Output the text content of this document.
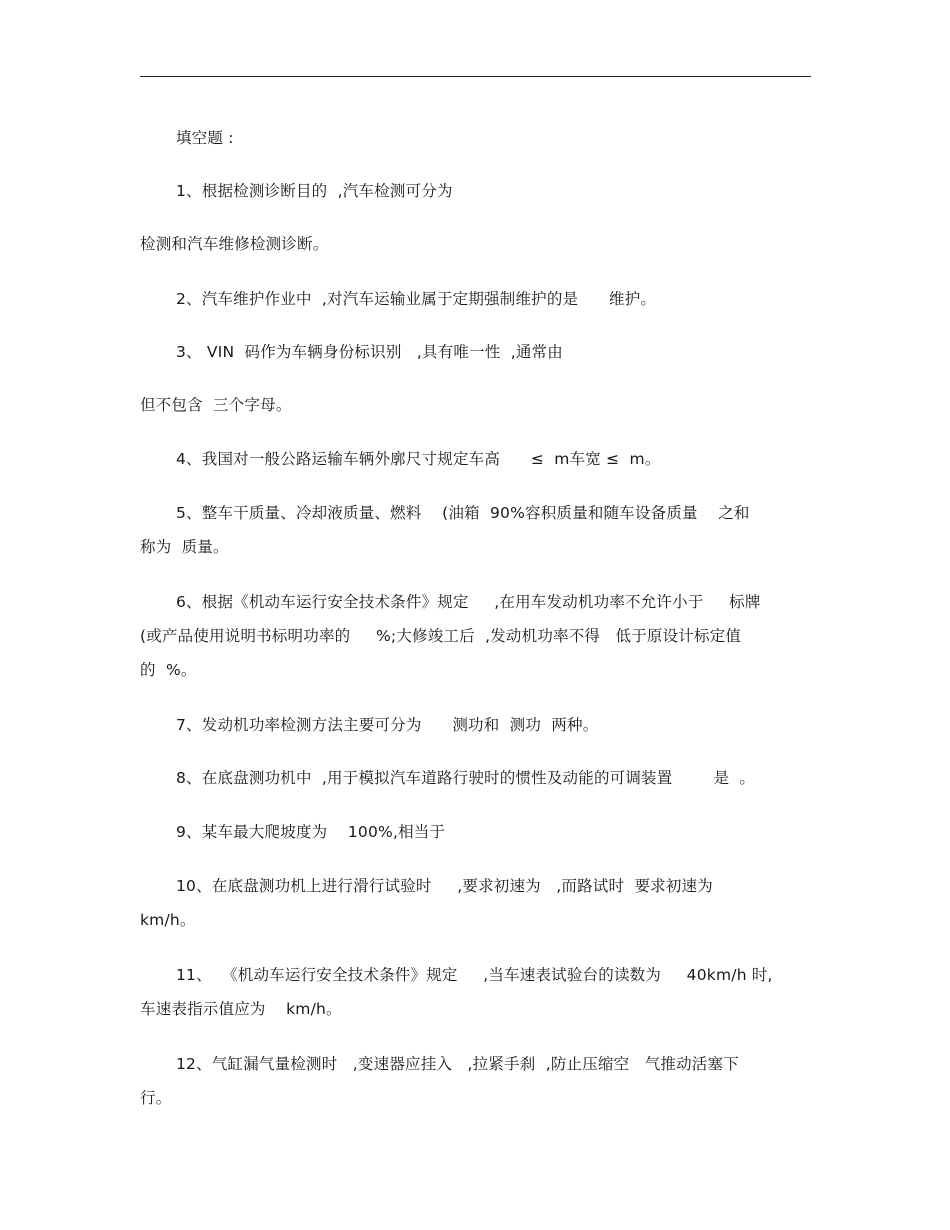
填空题 :
1、根据检测诊断目的  ,汽车检测可分为
检测和汽车维修检测诊断。
2、汽车维护作业中  ,对汽车运输业属于定期强制维护的是      维护。
3、 VIN  码作为车辆身份标识别   ,具有唯一性  ,通常由
但不包含  三个字母。
4、我国对一般公路运输车辆外廓尺寸规定车高      ≤  m车宽 ≤  m。
5、整车干质量、冷却液质量、燃料    (油箱  90%容积质量和随车设备质量    之和
称为  质量。
6、根据《机动车运行安全技术条件》规定     ,在用车发动机功率不允许小于     标牌
(或产品使用说明书标明功率的     %;大修竣工后  ,发动机功率不得   低于原设计标定值
的  %。
7、发动机功率检测方法主要可分为      测功和  测功  两种。
8、在底盘测功机中  ,用于模拟汽车道路行驶时的惯性及动能的可调装置        是  。
9、某车最大爬坡度为    100%,相当于
10、在底盘测功机上进行滑行试验时     ,要求初速为   ,而路试时  要求初速为
km/h。
11、  《机动车运行安全技术条件》规定     ,当车速表试验台的读数为     40km/h 时,
车速表指示值应为    km/h。
12、气缸漏气量检测时   ,变速器应挂入   ,拉紧手刹  ,防止压缩空   气推动活塞下
行。
